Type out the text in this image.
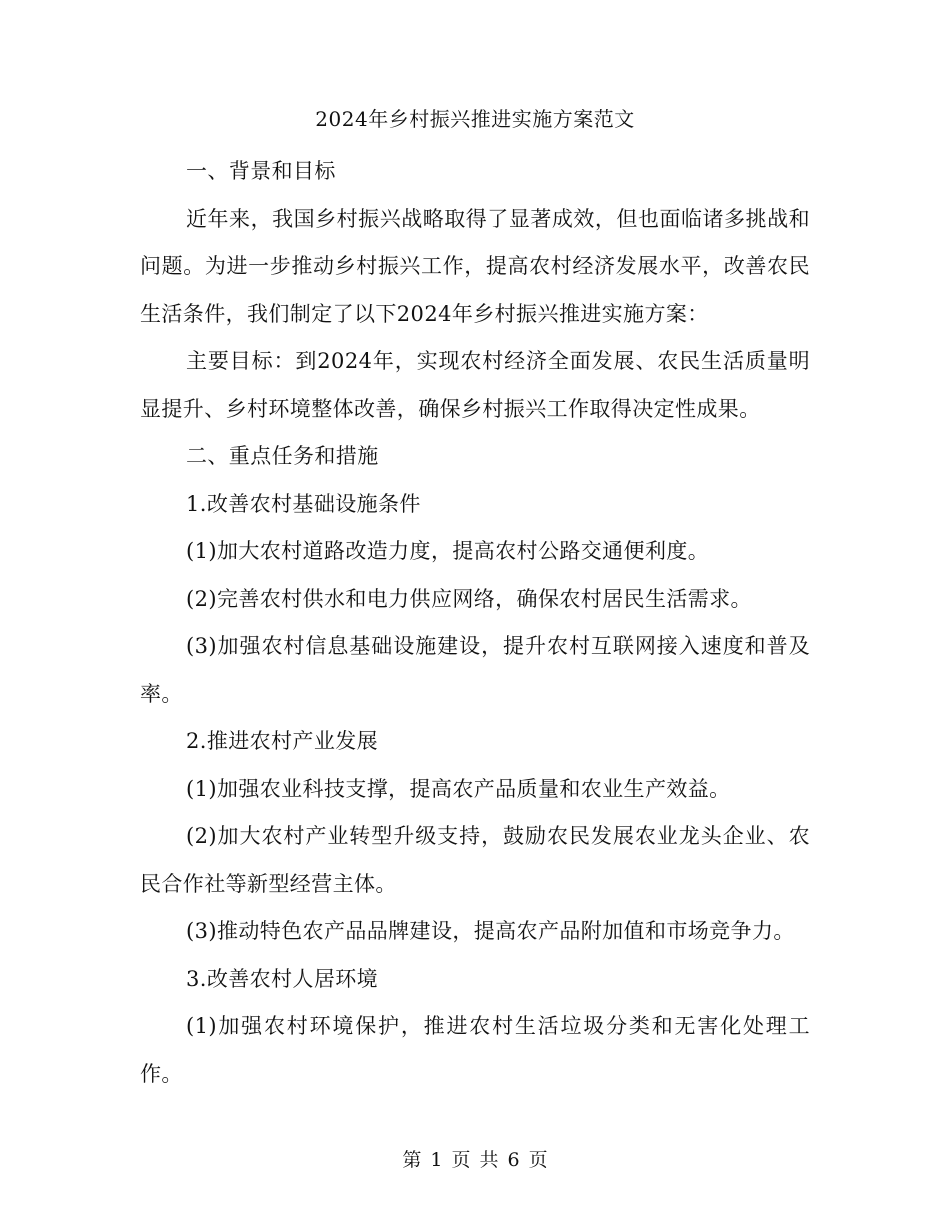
2024年乡村振兴推进实施方案范文

一、背景和目标

近年来，我国乡村振兴战略取得了显著成效，但也面临诸多挑战和问题。为进一步推动乡村振兴工作，提高农村经济发展水平，改善农民生活条件，我们制定了以下2024年乡村振兴推进实施方案：

主要目标：到2024年，实现农村经济全面发展、农民生活质量明显提升、乡村环境整体改善，确保乡村振兴工作取得决定性成果。

二、重点任务和措施

1.改善农村基础设施条件

(1)加大农村道路改造力度，提高农村公路交通便利度。

(2)完善农村供水和电力供应网络，确保农村居民生活需求。

(3)加强农村信息基础设施建设，提升农村互联网接入速度和普及率。

2.推进农村产业发展

(1)加强农业科技支撑，提高农产品质量和农业生产效益。

(2)加大农村产业转型升级支持，鼓励农民发展农业龙头企业、农民合作社等新型经营主体。

(3)推动特色农产品品牌建设，提高农产品附加值和市场竞争力。

3.改善农村人居环境

(1)加强农村环境保护，推进农村生活垃圾分类和无害化处理工作。

第 1 页 共 6 页
